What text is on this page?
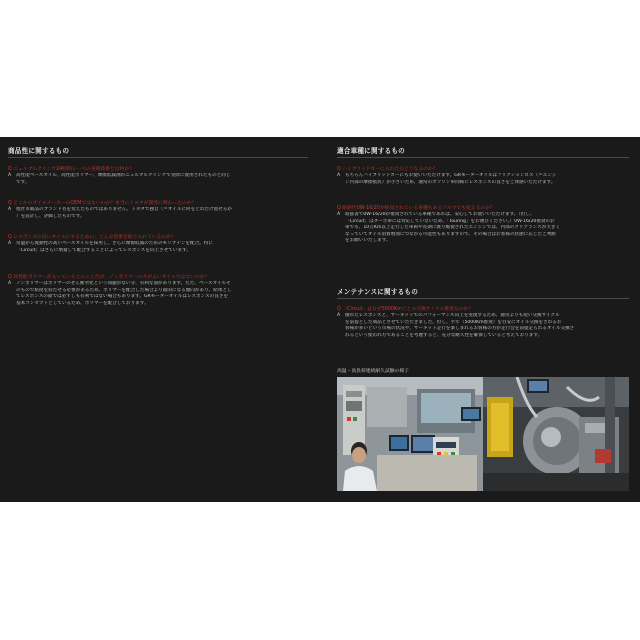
商品性に関するもの

Q ニュルブルクリンク24時間レースの実績技術とは何か？

A	高性能ベースオイル、高性能ポリマー、摩擦低減剤がニュルブルクリンクで実際に使用されたものと同じ
です。

Q どこかのオイルメーカーのOEMではないのか？本当にトヨタが開発に関わったのか？

A	他社市販品のブランド名を変えたものではありません。トヨタで独自（＝オイルに何をどれだけ混ぜるか
）を設計し、評価したものです。

Q レスポンスの良いオイルにするために、どんな技術を取り入れているのか？

A	常温から流動性の高いベースオイルを採用し、さらに摩擦低減のためのモリブデンを配合。特に
「Circuit」はさらに増量して配合することによってレスポンスを向上させています。

Q 高性能ポリマーが入っているとのことだが、ノンポリマーの方がよいオイルではないのか？

A	ノンポリマーはポリマーのせん断劣化という問題がない分、有利な面があります。ただ、ベースオイルそ
のもので粘度を持たせる必要があるため、ポリマーを配合した場合より面的になる傾向があり、結果とし
てレスポンスの面では必ずしも有利ではない場合もあります。GRモーターオイルはレスポンスの良さを
基本コンセプトとしているため、ポリマーを配合しております。

適合車種に関するもの

Q ハイブリッドカーに入れたらどうなるのか？

A	もちろんハイブリッドカーにもお使いいただけます。GRモーターオイルはフリクションロス（＝エンジ
ン内部の摩擦抵抗）が小さいため、通常のガソリン車同様にレスポンスの良さをご体感いただけます。

Q 耐熱性0W-16/20が推奨されている車種もあるフルマでも使えるのか？

A	取扱書で0W-16/20が推奨されている車種であれば、安心してお使いいただけます。（但し、
「Circuit」はターボ車には対応していないため、「Touring」をお選びください。）0W-16/20推奨のお
車でも、10万Km以上走行した車両や長期に渡り酷使されたエンジンでは、内部のクリアランスが大きく
なっていてオイル消費増加につながる可能性もありますので、その場合はお客様の状態に応じたご判断
をお願いいたします。

メンテナンスに関するもの

Q 「Circuit」はなぜ5000Kmごとの交換サイクル推奨なのか？

A	優れたレスポンスと、サーキットでのパフォーマンス向上を実現するため、通常よりも短い交換サイクル
を前提とした商品とさせていただきました。但し、半年（5000Km推奨）を目安にオイル交換をされるお
客様が多いという市場の状況や、サーキット走行を楽しまれるお客様の方が走行会を前提走られるオイル交換さ
れるという使われ方であることを考慮すると、充分な耐久性を確保していると考えております。

高温・高負荷連続耐久試験の様子
